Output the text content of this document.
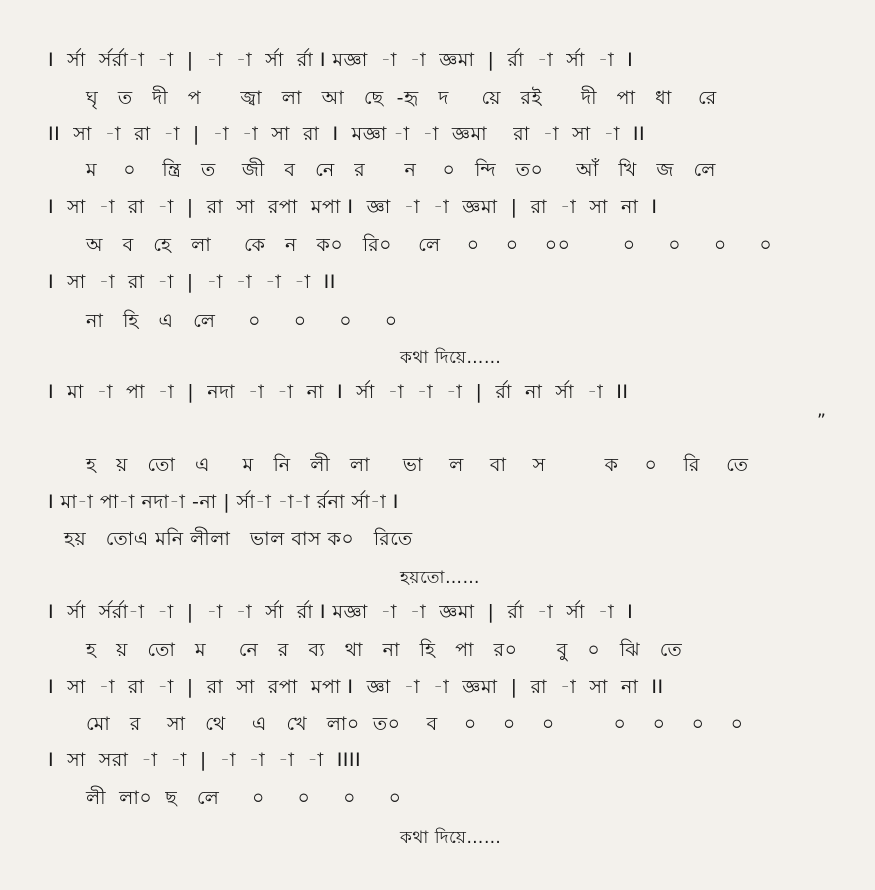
I  র্সা  র্সর্রা-া  -া  |  -া  -া  র্সা  র্রা I মজ্ঞা  -া  -া  জ্ঞমা  |  র্রা  -া  র্সা  -া  I
ঘৃ   ত   দী   প      জ্বা   লা   আ   ছে  -হৃ   দ     য়ে   রই      দী   পা   ধা    রে
II  সা  -া  রা  -া  |  -া  -া  সা  রা  I  মজ্ঞা -া  -া  জ্ঞমা    রা  -া  সা  -া  II
ম    ০    ন্ত্রি   ত    জী   ব   নে   র      ন    ০   ন্দি   ত০     আঁ   খি   জ   লে
I  সা  -া  রা  -া  |  রা  সা  রপা  মপা I  জ্ঞা  -া  -া  জ্ঞমা  |  রা  -া  সা  না  I
অ   ব   হে   লা     কে   ন   ক০   রি০    লে    ০    ০    ০০        ০     ০     ০     ০
I  সা  -া  রা  -া  |  -া  -া  -া  -া  II
না   হি   এ   লে     ০     ০     ০     ০
কথা দিয়ে……
I  মা  -া  পা  -া  |  নদা  -া  -া  না  I  র্সা  -া  -া  -া  |  র্রা  না  র্সা  -া  II
”
হ   য়   তো   এ     ম   নি   লী   লা     ভা    ল    বা    স         ক    ০    রি    তে
I মা-া পা-া নদা-া -না | র্সা-া -া-া র্রনা র্সা-া I
হয়   তোএ মনি লীলা   ভাল বাস ক০   রিতে
হয়তো……
I  র্সা  র্সর্রা-া  -া  |  -া  -া  র্সা  র্রা I মজ্ঞা  -া  -া  জ্ঞমা  |  র্রা  -া  র্সা  -া  I
হ   য়   তো   ম     নে   র   ব্য   থা   না   হি   পা   র০      বু   ০   ঝি   তে
I  সা  -া  রা  -া  |  রা  সা  রপা  মপা I  জ্ঞা  -া  -া  জ্ঞমা  |  রা  -া  সা  না  II
মো   র    সা   থে    এ   খে   লা০  ত০    ব    ০    ০    ০         ০    ০    ০    ০
I  সা  সরা  -া  -া  |  -া  -া  -া  -া  IIII
লী  লা০  ছ   লে     ০     ০     ০     ০
কথা দিয়ে……
